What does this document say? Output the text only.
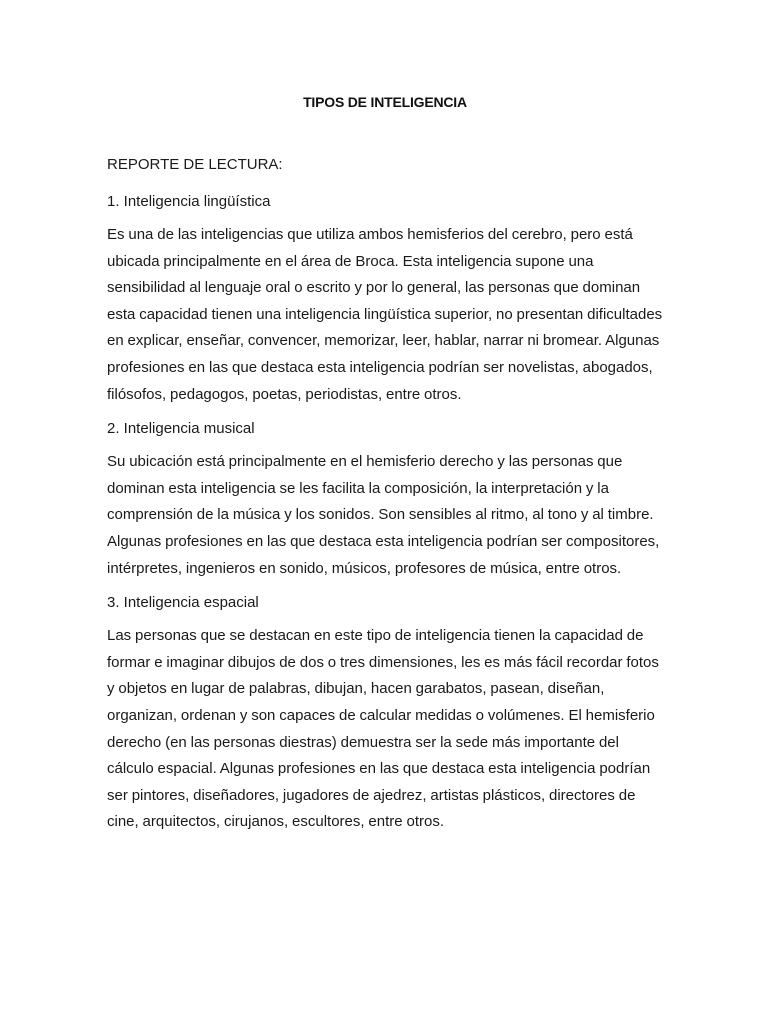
TIPOS DE INTELIGENCIA

REPORTE DE LECTURA:

1. Inteligencia lingüística

Es una de las inteligencias que utiliza ambos hemisferios del cerebro, pero está ubicada principalmente en el área de Broca. Esta inteligencia supone una sensibilidad al lenguaje oral o escrito y por lo general, las personas que dominan esta capacidad tienen una inteligencia lingüística superior, no presentan dificultades en explicar, enseñar, convencer, memorizar, leer, hablar, narrar ni bromear. Algunas profesiones en las que destaca esta inteligencia podrían ser novelistas, abogados, filósofos, pedagogos, poetas, periodistas, entre otros.

2. Inteligencia musical

Su ubicación está principalmente en el hemisferio derecho y las personas que dominan esta inteligencia se les facilita la composición, la interpretación y la comprensión de la música y los sonidos. Son sensibles al ritmo, al tono y al timbre. Algunas profesiones en las que destaca esta inteligencia podrían ser compositores, intérpretes, ingenieros en sonido, músicos, profesores de música, entre otros.

3. Inteligencia espacial

Las personas que se destacan en este tipo de inteligencia tienen la capacidad de formar e imaginar dibujos de dos o tres dimensiones, les es más fácil recordar fotos y objetos en lugar de palabras, dibujan, hacen garabatos, pasean, diseñan, organizan, ordenan y son capaces de calcular medidas o volúmenes. El hemisferio derecho (en las personas diestras) demuestra ser la sede más importante del cálculo espacial. Algunas profesiones en las que destaca esta inteligencia podrían ser pintores, diseñadores, jugadores de ajedrez, artistas plásticos, directores de cine, arquitectos, cirujanos, escultores, entre otros.
